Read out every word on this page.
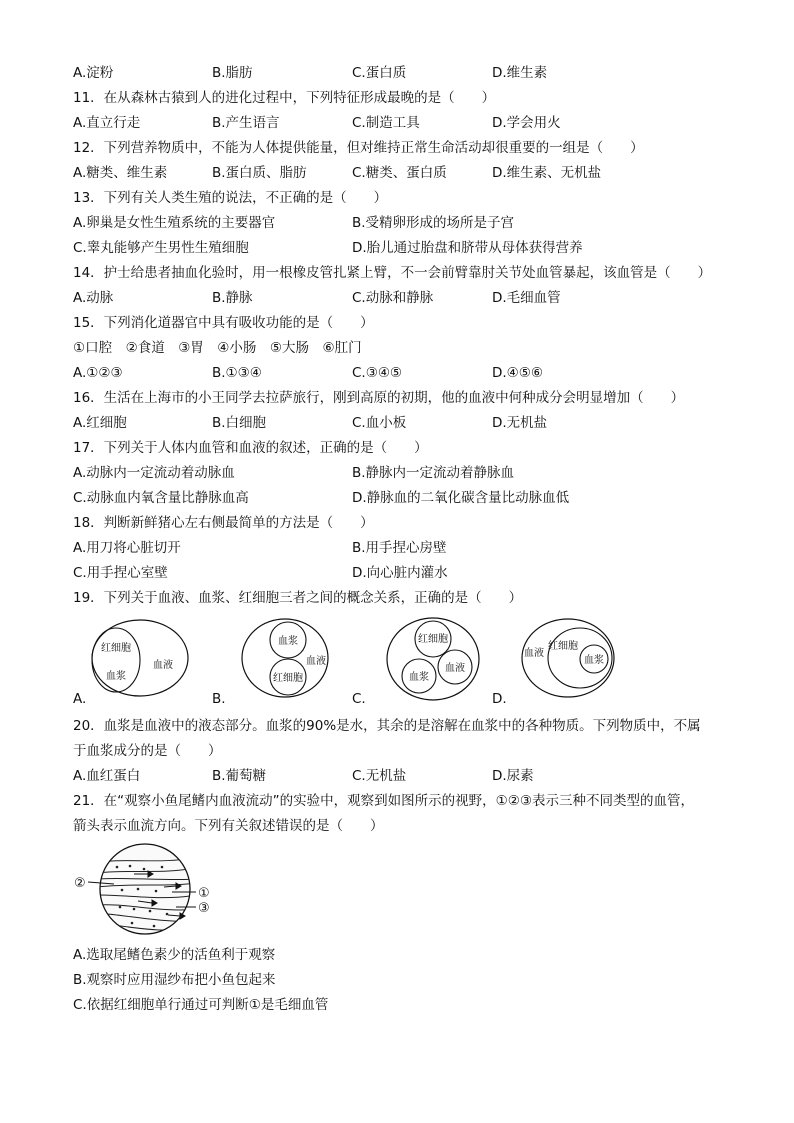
A.淀粉	B.脂肪	C.蛋白质	D.维生素
11．在从森林古猿到人的进化过程中，下列特征形成最晚的是（　　）
A.直立行走	B.产生语言	C.制造工具	D.学会用火
12．下列营养物质中，不能为人体提供能量，但对维持正常生命活动却很重要的一组是（　　）
A.糖类、维生素	B.蛋白质、脂肪	C.糖类、蛋白质	D.维生素、无机盐
13．下列有关人类生殖的说法，不正确的是（　　）
A.卵巢是女性生殖系统的主要器官	B.受精卵形成的场所是子宫
C.睾丸能够产生男性生殖细胞	D.胎儿通过胎盘和脐带从母体获得营养
14．护士给患者抽血化验时，用一根橡皮管扎紧上臂，不一会前臂靠肘关节处血管暴起，该血管是（　　）
A.动脉	B.静脉	C.动脉和静脉	D.毛细血管
15．下列消化道器官中具有吸收功能的是（　　）
①口腔　②食道　③胃　④小肠　⑤大肠　⑥肛门
A.①②③	B.①③④	C.③④⑤	D.④⑤⑥
16．生活在上海市的小王同学去拉萨旅行，刚到高原的初期，他的血液中何种成分会明显增加（　　）
A.红细胞	B.白细胞	C.血小板	D.无机盐
17．下列关于人体内血管和血液的叙述，正确的是（　　）
A.动脉内一定流动着动脉血	B.静脉内一定流动着静脉血
C.动脉血内氧含量比静脉血高	D.静脉血的二氧化碳含量比动脉血低
18．判断新鲜猪心左右侧最简单的方法是（　　）
A.用刀将心脏切开	B.用手捏心房壁
C.用手捏心室壁	D.向心脏内灌水
19．下列关于血液、血浆、红细胞三者之间的概念关系，正确的是（　　）
红细胞
血浆
血液
A.
血浆
红细胞
血液
B.
红细胞
血浆
血液
C.
血液
红细胞
血浆
D.
20．血浆是血液中的液态部分。血浆的90%是水，其余的是溶解在血浆中的各种物质。下列物质中，不属
于血浆成分的是（　　）
A.血红蛋白	B.葡萄糖	C.无机盐	D.尿素
21．在“观察小鱼尾鳍内血液流动”的实验中，观察到如图所示的视野，①②③表示三种不同类型的血管，
箭头表示血流方向。下列有关叙述错误的是（　　）
②
①
③
A.选取尾鳍色素少的活鱼利于观察
B.观察时应用湿纱布把小鱼包起来
C.依据红细胞单行通过可判断①是毛细血管
